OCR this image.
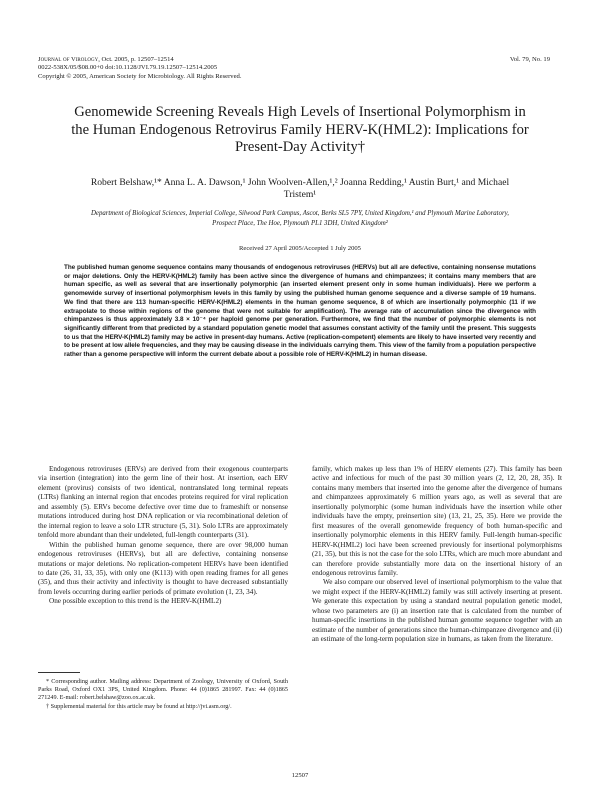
Journal of Virology, Oct. 2005, p. 12507–12514
0022-538X/05/$08.00+0 doi:10.1128/JVI.79.19.12507–12514.2005
Copyright © 2005, American Society for Microbiology. All Rights Reserved.
Vol. 79, No. 19
Genomewide Screening Reveals High Levels of Insertional Polymorphism in the Human Endogenous Retrovirus Family HERV-K(HML2): Implications for Present-Day Activity†
Robert Belshaw,¹* Anna L. A. Dawson,¹ John Woolven-Allen,¹,² Joanna Redding,¹ Austin Burt,¹ and Michael Tristem¹
Department of Biological Sciences, Imperial College, Silwood Park Campus, Ascot, Berks SL5 7PY, United Kingdom,¹ and Plymouth Marine Laboratory, Prospect Place, The Hoe, Plymouth PL1 3DH, United Kingdom²
Received 27 April 2005/Accepted 1 July 2005
The published human genome sequence contains many thousands of endogenous retroviruses (HERVs) but all are defective, containing nonsense mutations or major deletions. Only the HERV-K(HML2) family has been active since the divergence of humans and chimpanzees; it contains many members that are human specific, as well as several that are insertionally polymorphic (an inserted element present only in some human individuals). Here we perform a genomewide survey of insertional polymorphism levels in this family by using the published human genome sequence and a diverse sample of 19 humans. We find that there are 113 human-specific HERV-K(HML2) elements in the human genome sequence, 8 of which are insertionally polymorphic (11 if we extrapolate to those within regions of the genome that were not suitable for amplification). The average rate of accumulation since the divergence with chimpanzees is thus approximately 3.8 × 10⁻⁴ per haploid genome per generation. Furthermore, we find that the number of polymorphic elements is not significantly different from that predicted by a standard population genetic model that assumes constant activity of the family until the present. This suggests to us that the HERV-K(HML2) family may be active in present-day humans. Active (replication-competent) elements are likely to have inserted very recently and to be present at low allele frequencies, and they may be causing disease in the individuals carrying them. This view of the family from a population perspective rather than a genome perspective will inform the current debate about a possible role of HERV-K(HML2) in human disease.

Endogenous retroviruses (ERVs) are derived from their exogenous counterparts via insertion (integration) into the germ line of their host. At insertion, each ERV element (provirus) consists of two identical, nontranslated long terminal repeats (LTRs) flanking an internal region that encodes proteins required for viral replication and assembly (5). ERVs become defective over time due to frameshift or nonsense mutations introduced during host DNA replication or via recombinational deletion of the internal region to leave a solo LTR structure (5, 31). Solo LTRs are approximately tenfold more abundant than their undeleted, full-length counterparts (31).

Within the published human genome sequence, there are over 98,000 human endogenous retroviruses (HERVs), but all are defective, containing nonsense mutations or major deletions. No replication-competent HERVs have been identified to date (26, 31, 33, 35), with only one (K113) with open reading frames for all genes (35), and thus their activity and infectivity is thought to have decreased substantially from levels occurring during earlier periods of primate evolution (1, 23, 34).

One possible exception to this trend is the HERV-K(HML2)

family, which makes up less than 1% of HERV elements (27). This family has been active and infectious for much of the past 30 million years (2, 12, 20, 28, 35). It contains many members that inserted into the genome after the divergence of humans and chimpanzees approximately 6 million years ago, as well as several that are insertionally polymorphic (some human individuals have the insertion while other individuals have the empty, preinsertion site) (13, 21, 25, 35). Here we provide the first measures of the overall genomewide frequency of both human-specific and insertionally polymorphic elements in this HERV family. Full-length human-specific HERV-K(HML2) loci have been screened previously for insertional polymorphisms (21, 35), but this is not the case for the solo LTRs, which are much more abundant and can therefore provide substantially more data on the insertional history of an endogenous retrovirus family.

We also compare our observed level of insertional polymorphism to the value that we might expect if the HERV-K(HML2) family was still actively inserting at present. We generate this expectation by using a standard neutral population genetic model, whose two parameters are (i) an insertion rate that is calculated from the number of human-specific insertions in the published human genome sequence together with an estimate of the number of generations since the human-chimpanzee divergence and (ii) an estimate of the long-term population size in humans, as taken from the literature.

* Corresponding author. Mailing address: Department of Zoology, University of Oxford, South Parks Road, Oxford OX1 3PS, United Kingdom. Phone: 44 (0)1865 281997. Fax: 44 (0)1865 271249. E-mail: robert.belshaw@zoo.ox.ac.uk.

† Supplemental material for this article may be found at http://jvi.asm.org/.

12507
